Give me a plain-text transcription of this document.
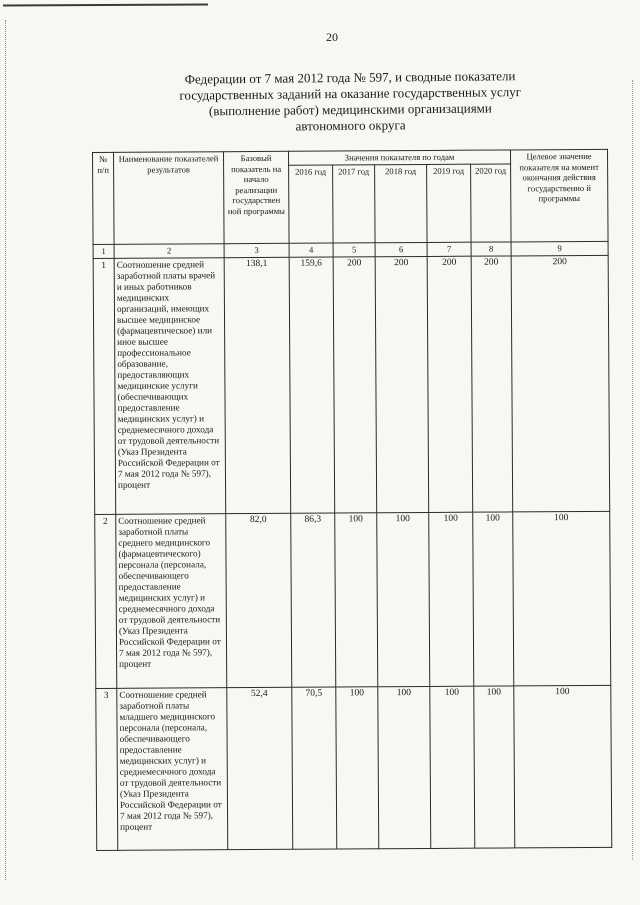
20
Федерации от 7 мая 2012 года № 597, и сводные показатели
государственных заданий на оказание государственных услуг
(выполнение работ) медицинскими организациями
автономного округа
№ п/п	Наименование показателей результатов	Базовый показатель на начало реализации государствен ной программы	Значения показателя по годам					Целевое значение показателя на момент окончания действия государственно й программы
			2016 год	2017 год	2018 год	2019 год	2020 год	
1	2	3	4	5	6	7	8	9
1	Соотношение средней заработной платы врачей и иных работников медицинских организаций, имеющих высшее медицинское (фармацевтическое) или иное высшее профессиональное образование, предоставляющих медицинские услуги (обеспечивающих предоставление медицинских услуг) и среднемесячного дохода от трудовой деятельности (Указ Президента Российской Федерации от 7 мая 2012 года № 597), процент	138,1	159,6	200	200	200	200	200
2	Соотношение средней заработной платы среднего медицинского (фармацевтического) персонала (персонала, обеспечивающего предоставление медицинских услуг) и среднемесячного дохода от трудовой деятельности (Указ Президента Российской Федерации от 7 мая 2012 года № 597), процент	82,0	86,3	100	100	100	100	100
3	Соотношение средней заработной платы младшего медицинского персонала (персонала, обеспечивающего предоставление медицинских услуг) и среднемесячного дохода от трудовой деятельности (Указ Президента Российской Федерации от 7 мая 2012 года № 597), процент	52,4	70,5	100	100	100	100	100
